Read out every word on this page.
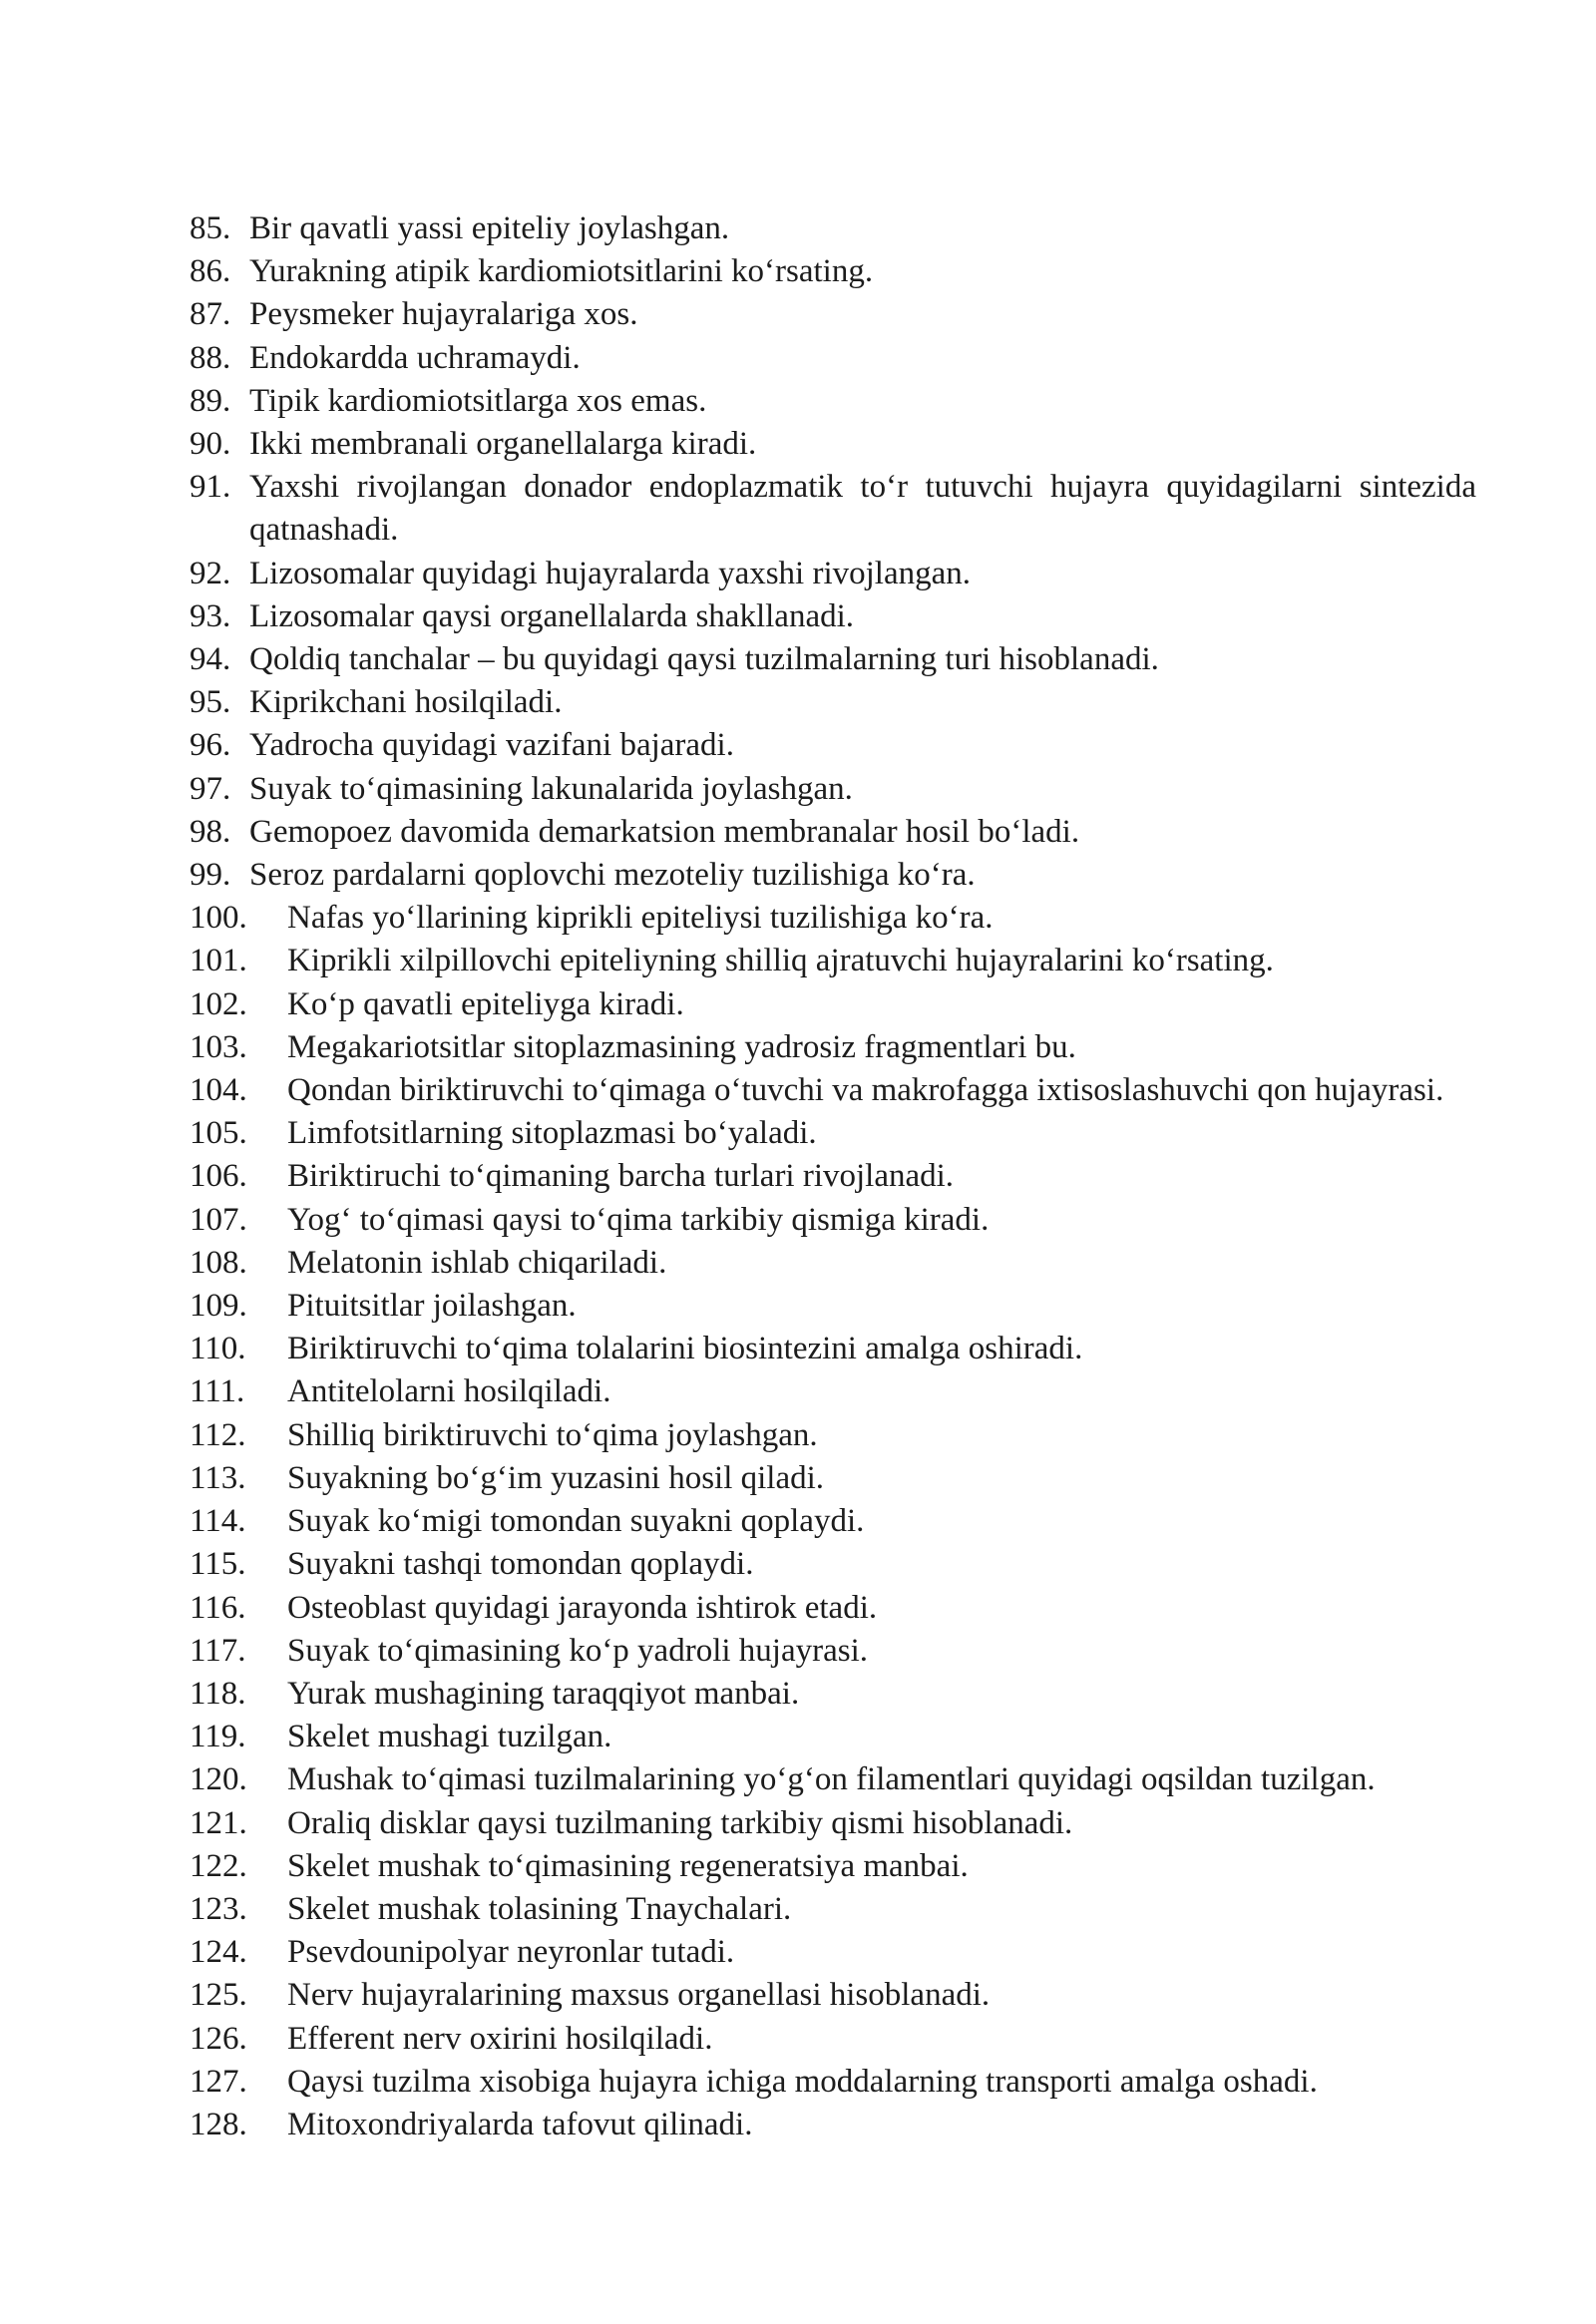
85. Bir qavatli yassi epiteliy joylashgan.
86. Yurakning atipik kardiomiotsitlarini ko‘rsating.
87. Peysmeker hujayralariga xos.
88. Endokardda uchramaydi.
89. Tipik kardiomiotsitlarga xos emas.
90. Ikki membranali organellalarga kiradi.
91. Yaxshi rivojlangan donador endoplazmatik to‘r tutuvchi hujayra quyidagilarni sintezida qatnashadi.
92. Lizosomalar quyidagi hujayralarda yaxshi rivojlangan.
93. Lizosomalar qaysi organellalarda shakllanadi.
94. Qoldiq tanchalar – bu quyidagi qaysi tuzilmalarning turi hisoblanadi.
95. Kiprikchani hosilqiladi.
96. Yadrocha quyidagi vazifani bajaradi.
97. Suyak to‘qimasining lakunalarida joylashgan.
98. Gemopoez davomida demarkatsion membranalar hosil bo‘ladi.
99. Seroz pardalarni qoplovchi mezoteliy tuzilishiga ko‘ra.
100.	Nafas yo‘llarining kiprikli epiteliysi tuzilishiga ko‘ra.
101.	Kiprikli xilpillovchi epiteliyning shilliq ajratuvchi hujayralarini ko‘rsating.
102.	Ko‘p qavatli epiteliyga kiradi.
103.	Megakariotsitlar sitoplazmasining yadrosiz fragmentlari bu.
104.	Qondan biriktiruvchi to‘qimaga o‘tuvchi va makrofagga ixtisoslashuvchi qon hujayrasi.
105.	Limfotsitlarning sitoplazmasi bo‘yaladi.
106.	Biriktiruchi to‘qimaning barcha turlari rivojlanadi.
107.	Yog‘ to‘qimasi qaysi to‘qima tarkibiy qismiga kiradi.
108.	Melatonin ishlab chiqariladi.
109.	Pituitsitlar joilashgan.
110.	Biriktiruvchi to‘qima tolalarini biosintezini amalga oshiradi.
111.	Antitelolarni hosilqiladi.
112.	Shilliq biriktiruvchi to‘qima joylashgan.
113.	Suyakning bo‘g‘im yuzasini hosil qiladi.
114.	Suyak ko‘migi tomondan suyakni qoplaydi.
115.	Suyakni tashqi tomondan qoplaydi.
116.	Osteoblast quyidagi jarayonda ishtirok etadi.
117.	Suyak to‘qimasining ko‘p yadroli hujayrasi.
118.	Yurak mushagining taraqqiyot manbai.
119.	Skelet mushagi tuzilgan.
120.	Mushak to‘qimasi tuzilmalarining yo‘g‘on filamentlari quyidagi oqsildan tuzilgan.
121.	Oraliq disklar qaysi tuzilmaning tarkibiy qismi hisoblanadi.
122.	Skelet mushak to‘qimasining regeneratsiya manbai.
123.	Skelet mushak tolasining Tnaychalari.
124.	Psevdounipolyar neyronlar tutadi.
125.	Nerv hujayralarining maxsus organellasi hisoblanadi.
126.	Efferent nerv oxirini hosilqiladi.
127.	Qaysi tuzilma xisobiga hujayra ichiga moddalarning transporti amalga oshadi.
128.	Mitoxondriyalarda tafovut qilinadi.
